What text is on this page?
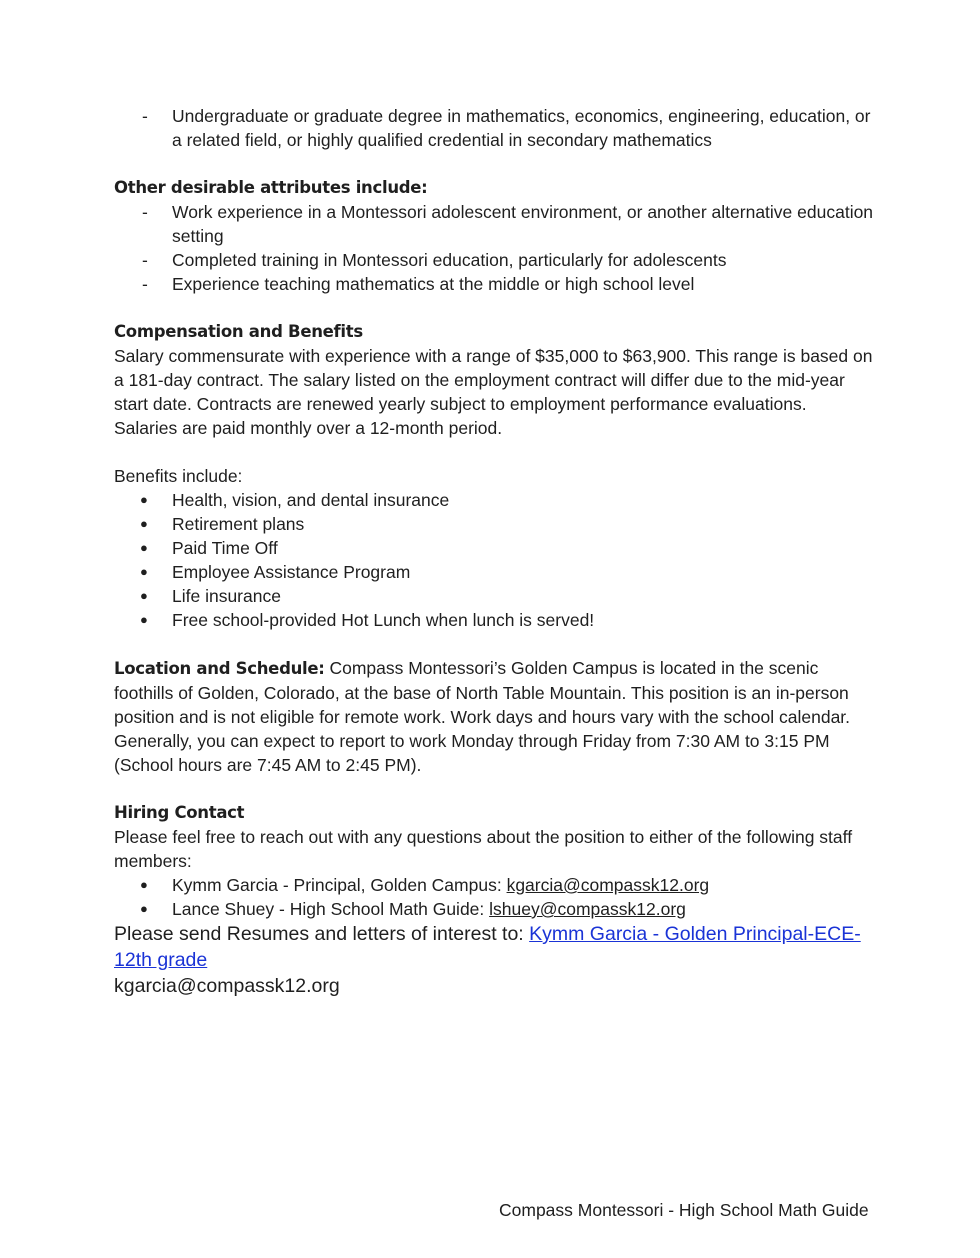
- Undergraduate or graduate degree in mathematics, economics, engineering, education, or a related field, or highly qualified credential in secondary mathematics
Other desirable attributes include:
- Work experience in a Montessori adolescent environment, or another alternative education setting
- Completed training in Montessori education, particularly for adolescents
- Experience teaching mathematics at the middle or high school level
Compensation and Benefits
Salary commensurate with experience with a range of $35,000 to $63,900. This range is based on a 181-day contract. The salary listed on the employment contract will differ due to the mid-year start date. Contracts are renewed yearly subject to employment performance evaluations. Salaries are paid monthly over a 12-month period.
Benefits include:
● Health, vision, and dental insurance
● Retirement plans
● Paid Time Off
● Employee Assistance Program
● Life insurance
● Free school-provided Hot Lunch when lunch is served!
Location and Schedule: Compass Montessori’s Golden Campus is located in the scenic foothills of Golden, Colorado, at the base of North Table Mountain. This position is an in-person position and is not eligible for remote work. Work days and hours vary with the school calendar. Generally, you can expect to report to work Monday through Friday from 7:30 AM to 3:15 PM (School hours are 7:45 AM to 2:45 PM).
Hiring Contact
Please feel free to reach out with any questions about the position to either of the following staff members:
● Kymm Garcia - Principal, Golden Campus: kgarcia@compassk12.org
● Lance Shuey - High School Math Guide: lshuey@compassk12.org
Please send Resumes and letters of interest to: Kymm Garcia - Golden Principal-ECE-12th grade
kgarcia@compassk12.org
Compass Montessori - High School Math Guide
